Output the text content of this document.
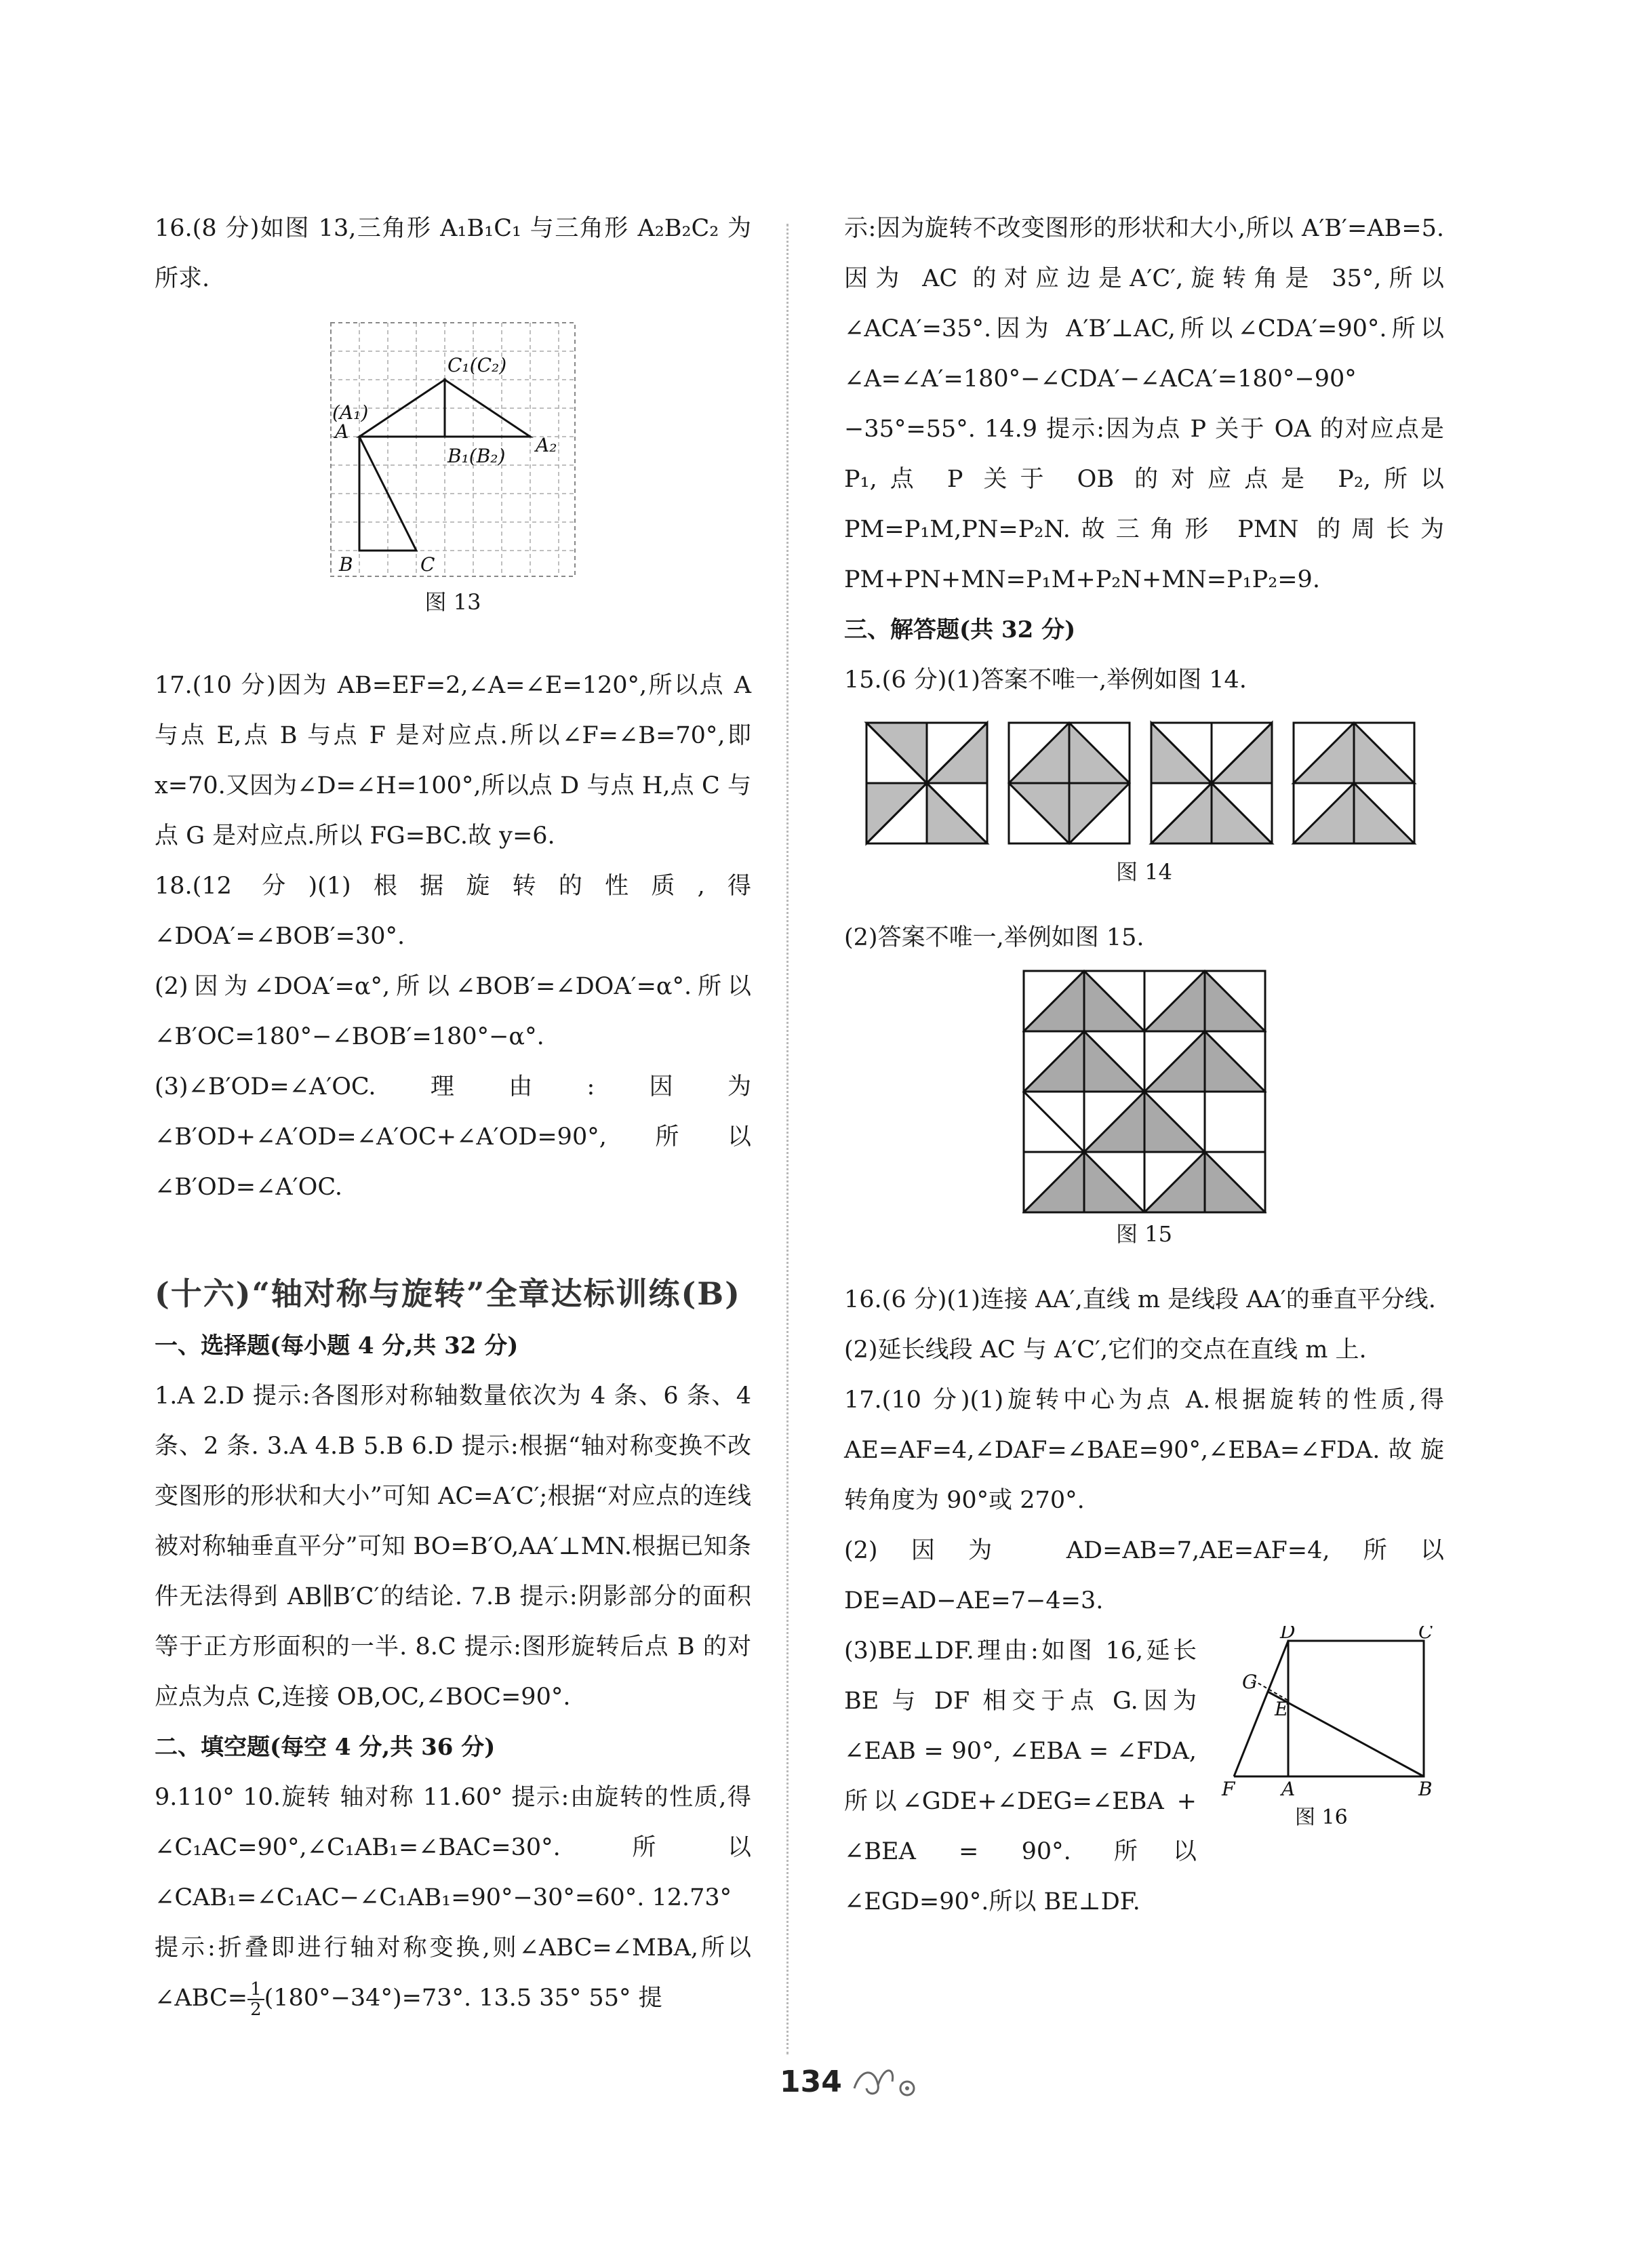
16.(8 分)如图 13,三角形 A₁B₁C₁ 与三角形 A₂B₂C₂ 为所求.

C₁(C₂)
(A₁)
A
B₁(B₂) A₂
B	C
图 13

17.(10 分)因为 AB=EF=2,∠A=∠E=120°,所以点 A 与点 E,点 B 与点 F 是对应点.所以∠F=∠B=70°,即 x=70.又因为∠D=∠H=100°,所以点 D 与点 H,点 C 与点 G 是对应点.所以 FG=BC.故 y=6.

18.(12 分)(1)根据旋转的性质,得∠DOA′=∠BOB′=30°.

(2)因为∠DOA′=α°,所以∠BOB′=∠DOA′=α°.所以∠B′OC=180°−∠BOB′=180°−α°.

(3)∠B′OD=∠A′OC.理由:因为∠B′OD+∠A′OD=∠A′OC+∠A′OD=90°,所以∠B′OD=∠A′OC.

(十六)“轴对称与旋转”全章达标训练(B)
一、选择题(每小题 4 分,共 32 分)

1.A 2.D 提示:各图形对称轴数量依次为 4 条、6 条、4 条、2 条. 3.A 4.B 5.B 6.D 提示:根据“轴对称变换不改变图形的形状和大小”可知 AC=A′C′;根据“对应点的连线被对称轴垂直平分”可知 BO=B′O,AA′⊥MN.根据已知条件无法得到 AB∥B′C′的结论. 7.B 提示:阴影部分的面积等于正方形面积的一半. 8.C 提示:图形旋转后点 B 的对应点为点 C,连接 OB,OC,∠BOC=90°.

二、填空题(每空 4 分,共 36 分)

9.110° 10.旋转 轴对称 11.60° 提示:由旋转的性质,得∠C₁AC=90°,∠C₁AB₁=∠BAC=30°.所以∠CAB₁=∠C₁AC−∠C₁AB₁=90°−30°=60°. 12.73°

提示:折叠即进行轴对称变换,则∠ABC=∠MBA,所以∠ABC= $\frac{1}{2} (180^\circ-34^\circ)=73^\circ$. 13.5 35° 55° 提

示:因为旋转不改变图形的形状和大小,所以 A′B′=AB=5.因为 AC 的对应边是A′C′,旋转角是 35°,所以∠ACA′=35°.因为 A′B′⊥AC,所以∠CDA′=90°.所以∠A=∠A′=180°−∠CDA′−∠ACA′=180°−90°−35°=55°. 14.9 提示:因为点 P 关于 OA 的对应点是 P₁,点 P 关于 OB 的对应点是 P₂,所以 PM=P₁M,PN=P₂N.故三角形 PMN 的周长为PM+PN+MN=P₁M+P₂N+MN=P₁P₂=9.

三、解答题(共 32 分)

15.(6 分)(1)答案不唯一,举例如图 14.

图 14

(2)答案不唯一,举例如图 15.

图 15

16.(6 分)(1)连接 AA′,直线 m 是线段 AA′的垂直平分线.

(2)延长线段 AC 与 A′C′,它们的交点在直线 m 上.

17.(10 分)(1)旋转中心为点 A.根据旋转的性质,得 AE=AF=4,∠DAF=∠BAE=90°,∠EBA=∠FDA.故旋转角度为 90°或 270°.

(2)因为 AD=AB=7,AE=AF=4,所以 DE=AD−AE=7−4=3.

(3)BE⊥DF.理由:如图 16,延长 BE 与 DF 相交于点 G.因为 ∠EAB = 90°, ∠EBA = ∠FDA,所以∠GDE+∠DEG=∠EBA + ∠BEA = 90°. 所以 ∠EGD=90°.所以 BE⊥DF.

D	C
G
E
F A	B
图 16
134
